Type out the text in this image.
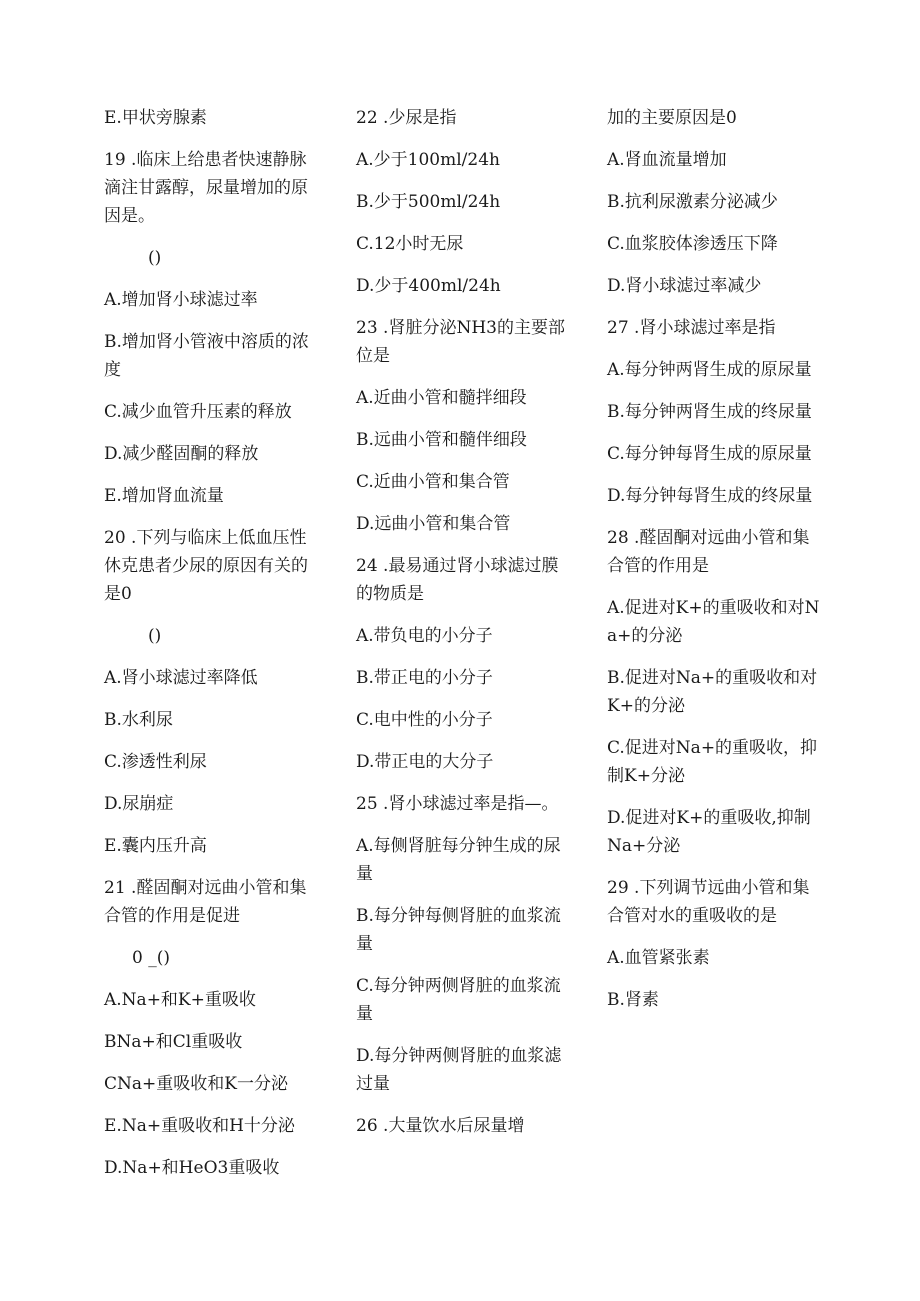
E.甲状旁腺素

19 .临床上给患者快速静脉滴注甘露醇，尿量增加的原因是。

()

A.增加肾小球滤过率

B.增加肾小管液中溶质的浓度

C.减少血管升压素的释放

D.减少醛固酮的释放

E.增加肾血流量

20 .下列与临床上低血压性休克患者少尿的原因有关的是0

()

A.肾小球滤过率降低

B.水利尿

C.渗透性利尿

D.尿崩症

E.囊内压升高

21 .醛固酮对远曲小管和集合管的作用是促进

0 _()

A.Na+和K+重吸收

BNa+和Cl重吸收

CNa+重吸收和K一分泌

E.Na+重吸收和H十分泌

D.Na+和HeO3重吸收

22 .少尿是指

A.少于100ml/24h

B.少于500ml/24h

C.12小时无尿

D.少于400ml/24h

23 .肾脏分泌NH3的主要部位是

A.近曲小管和髓拌细段

B.远曲小管和髓伴细段

C.近曲小管和集合管

D.远曲小管和集合管

24 .最易通过肾小球滤过膜的物质是

A.带负电的小分子

B.带正电的小分子

C.电中性的小分子

D.带正电的大分子

25 .肾小球滤过率是指—。

A.每侧肾脏每分钟生成的尿量

B.每分钟每侧肾脏的血浆流量

C.每分钟两侧肾脏的血浆流量

D.每分钟两侧肾脏的血浆滤过量

26 .大量饮水后尿量增

加的主要原因是0

A.肾血流量增加

B.抗利尿激素分泌减少

C.血浆胶体渗透压下降

D.肾小球滤过率减少

27 .肾小球滤过率是指

A.每分钟两肾生成的原尿量

B.每分钟两肾生成的终尿量

C.每分钟每肾生成的原尿量

D.每分钟每肾生成的终尿量

28 .醛固酮对远曲小管和集合管的作用是

A.促进对K+的重吸收和对Na+的分泌

B.促进对Na+的重吸收和对K+的分泌

C.促进对Na+的重吸收，抑制K+分泌

D.促进对K+的重吸收,抑制Na+分泌

29 .下列调节远曲小管和集合管对水的重吸收的是

A.血管紧张素

B.肾素
